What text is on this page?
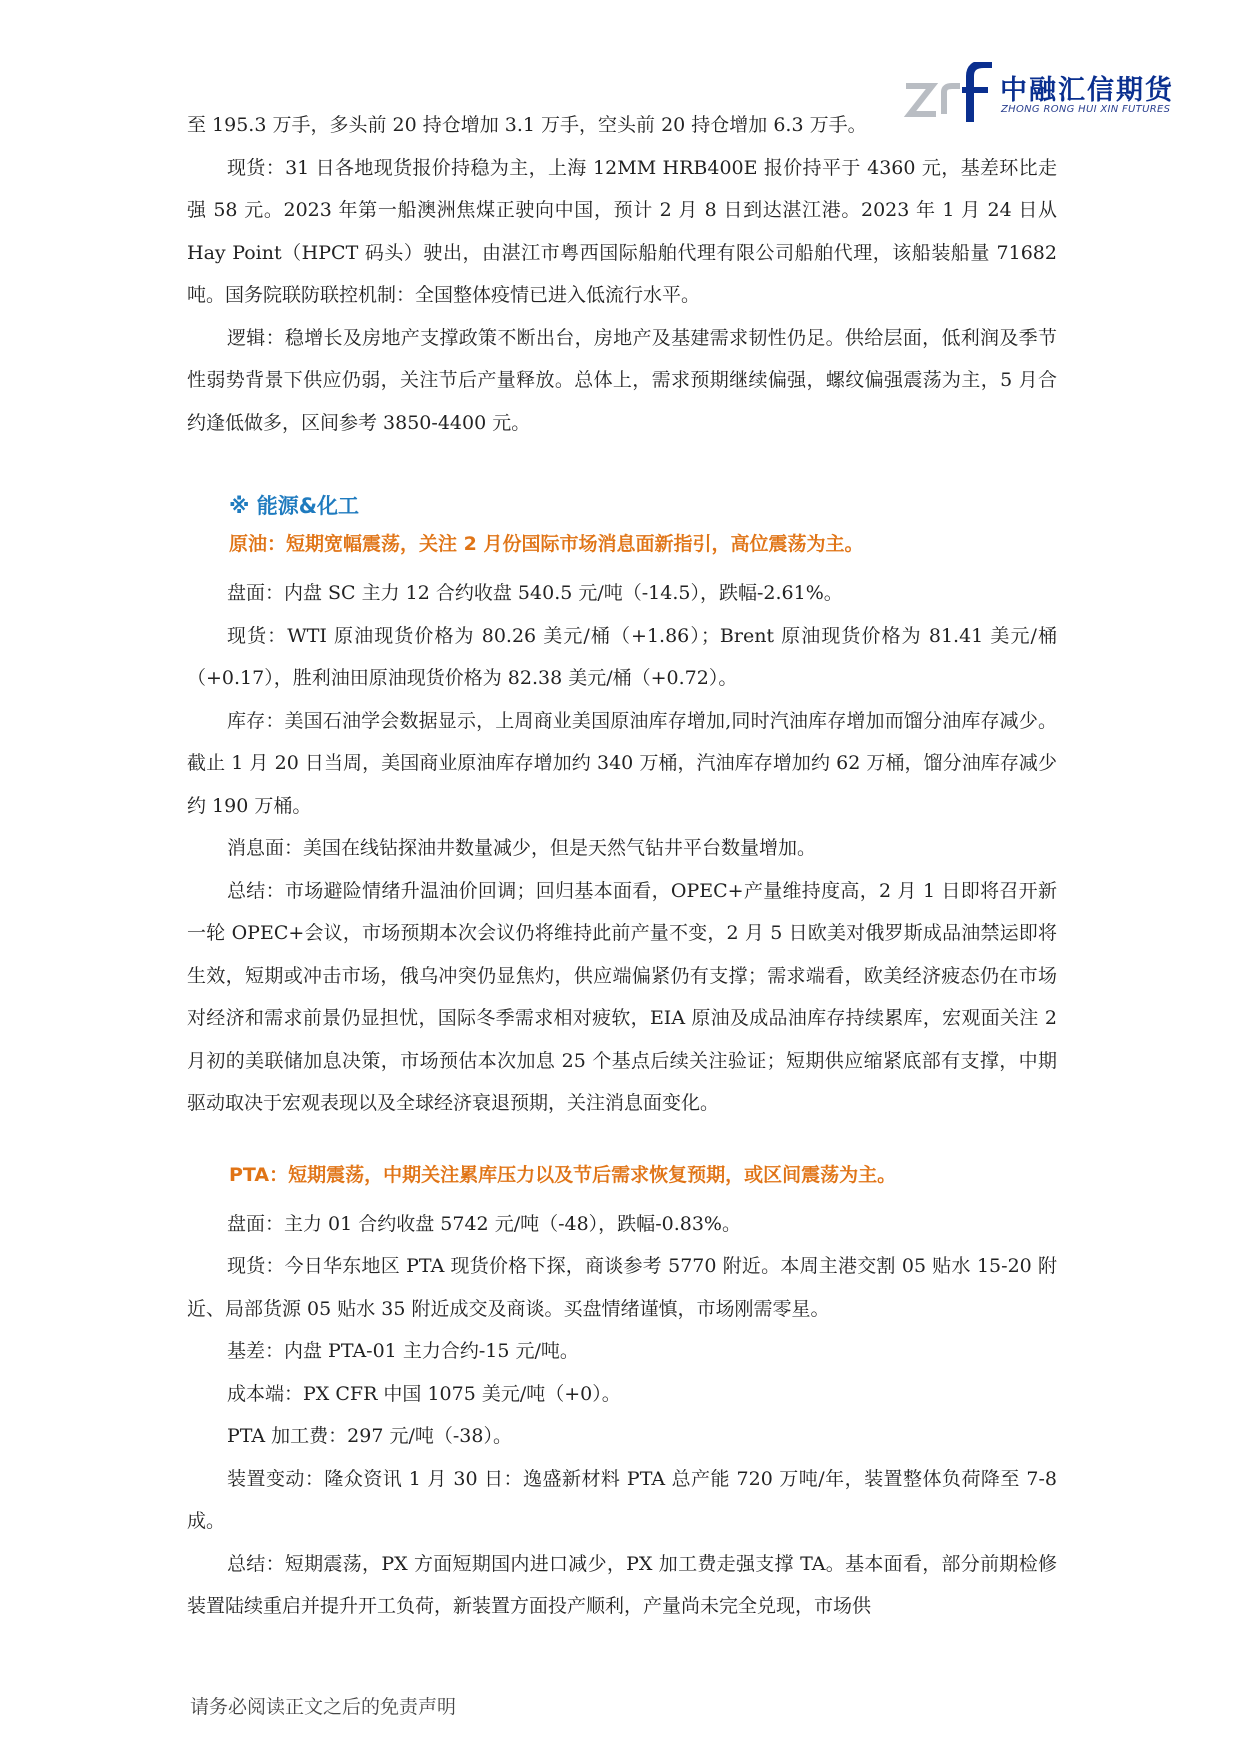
中融汇信期货
ZHONG RONG HUI XIN FUTURES

至 195.3 万手，多头前 20 持仓增加 3.1 万手，空头前 20 持仓增加 6.3 万手。

现货：31 日各地现货报价持稳为主，上海 12MM HRB400E 报价持平于 4360 元，基差环比走强 58 元。2023 年第一船澳洲焦煤正驶向中国，预计 2 月 8 日到达湛江港。2023 年 1 月 24 日从 Hay Point（HPCT 码头）驶出，由湛江市粤西国际船舶代理有限公司船舶代理，该船装船量 71682 吨。国务院联防联控机制：全国整体疫情已进入低流行水平。

逻辑：稳增长及房地产支撑政策不断出台，房地产及基建需求韧性仍足。供给层面，低利润及季节性弱势背景下供应仍弱，关注节后产量释放。总体上，需求预期继续偏强，螺纹偏强震荡为主，5 月合约逢低做多，区间参考 3850-4400 元。

※ 能源&化工

原油：短期宽幅震荡，关注 2 月份国际市场消息面新指引，高位震荡为主。

盘面：内盘 SC 主力 12 合约收盘 540.5 元/吨（-14.5），跌幅-2.61%。

现货：WTI 原油现货价格为 80.26 美元/桶（+1.86）；Brent 原油现货价格为 81.41 美元/桶（+0.17），胜利油田原油现货价格为 82.38 美元/桶（+0.72）。

库存：美国石油学会数据显示，上周商业美国原油库存增加,同时汽油库存增加而馏分油库存减少。截止 1 月 20 日当周，美国商业原油库存增加约 340 万桶，汽油库存增加约 62 万桶，馏分油库存减少约 190 万桶。

消息面：美国在线钻探油井数量减少，但是天然气钻井平台数量增加。

总结：市场避险情绪升温油价回调；回归基本面看，OPEC+产量维持度高，2 月 1 日即将召开新一轮 OPEC+会议，市场预期本次会议仍将维持此前产量不变，2 月 5 日欧美对俄罗斯成品油禁运即将生效，短期或冲击市场，俄乌冲突仍显焦灼，供应端偏紧仍有支撑；需求端看，欧美经济疲态仍在市场对经济和需求前景仍显担忧，国际冬季需求相对疲软，EIA 原油及成品油库存持续累库，宏观面关注 2 月初的美联储加息决策，市场预估本次加息 25 个基点后续关注验证；短期供应缩紧底部有支撑，中期驱动取决于宏观表现以及全球经济衰退预期，关注消息面变化。

PTA：短期震荡，中期关注累库压力以及节后需求恢复预期，或区间震荡为主。

盘面：主力 01 合约收盘 5742 元/吨（-48），跌幅-0.83%。

现货：今日华东地区 PTA 现货价格下探，商谈参考 5770 附近。本周主港交割 05 贴水 15-20 附近、局部货源 05 贴水 35 附近成交及商谈。买盘情绪谨慎，市场刚需零星。

基差：内盘 PTA-01 主力合约-15 元/吨。

成本端：PX CFR 中国 1075 美元/吨（+0）。

PTA 加工费：297 元/吨（-38）。

装置变动：隆众资讯 1 月 30 日：逸盛新材料 PTA 总产能 720 万吨/年，装置整体负荷降至 7-8 成。

总结：短期震荡，PX 方面短期国内进口减少，PX 加工费走强支撑 TA。基本面看，部分前期检修装置陆续重启并提升开工负荷，新装置方面投产顺利，产量尚未完全兑现，市场供

请务必阅读正文之后的免责声明
